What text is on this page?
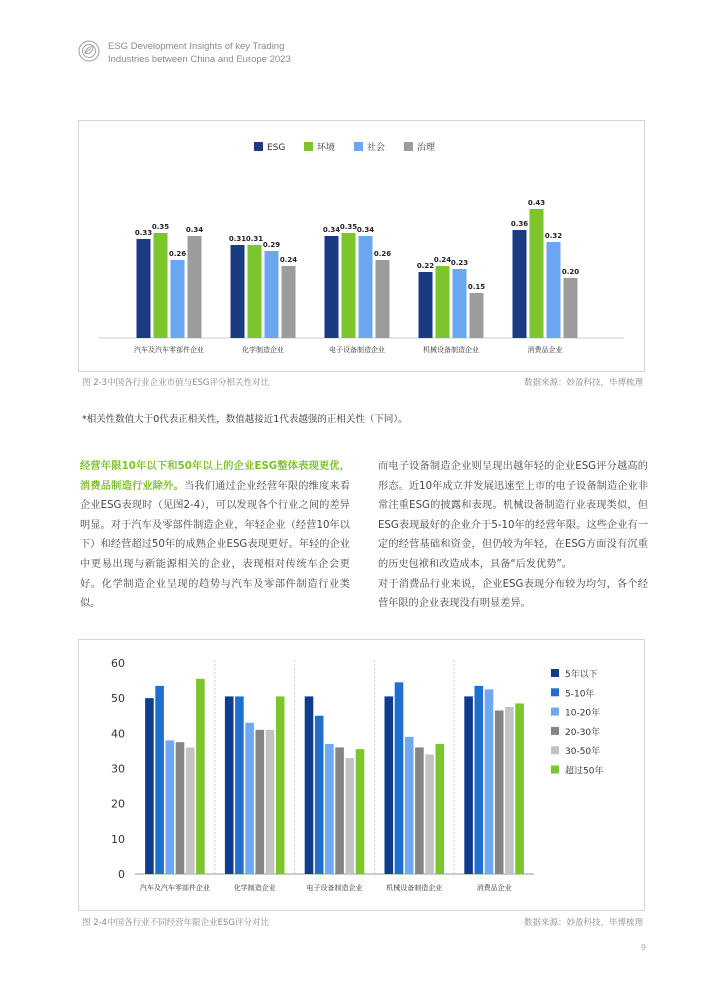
ESG Development Insights of key Trading
Industries between China and Europe 2023
ESG	环境	社会	治理
0.33
0.35
0.26
0.34
汽车及汽车零部件企业
0.31 0.31
0.29
0.24
化学制造企业
0.34 0.35 0.34
0.26
电子设备制造企业
0.22
0.24 0.23
0.15
机械设备制造企业
0.36
0.43
0.32
0.20
消费品企业
图 2-3中国各行业企业市值与ESG评分相关性对比	数据来源：妙盈科技，毕博梳理
*相关性数值大于0代表正相关性，数值越接近1代表越强的正相关性（下同）。
经营年限10年以下和50年以上的企业ESG整体表现更优，消费品制造行业除外。当我们通过企业经营年限的维度来看企业ESG表现时（见图2-4），可以发现各个行业之间的差异明显。对于汽车及零部件制造企业，年轻企业（经营10年以下）和经营超过50年的成熟企业ESG表现更好。年轻的企业中更易出现与新能源相关的企业，表现相对传统车企会更好。化学制造企业呈现的趋势与汽车及零部件制造行业类似。
而电子设备制造企业则呈现出越年轻的企业ESG评分越高的形态。近10年成立并发展迅速至上市的电子设备制造企业非常注重ESG的披露和表现。机械设备制造行业表现类似，但ESG表现最好的企业介于5-10年的经营年限。这些企业有一定的经营基础和资金，但仍较为年轻，在ESG方面没有沉重的历史包袱和改造成本，具备“后发优势”。
对于消费品行业来说，企业ESG表现分布较为均匀，各个经营年限的企业表现没有明显差异。
0
10
20
30
40
50
60
汽车及汽车零部件企业	化学制造企业	电子设备制造企业	机械设备制造企业	消费品企业
5年以下
5-10年
10-20年
20-30年
30-50年
超过50年
图 2-4中国各行业不同经营年限企业ESG评分对比	数据来源：妙盈科技，毕博梳理
9
